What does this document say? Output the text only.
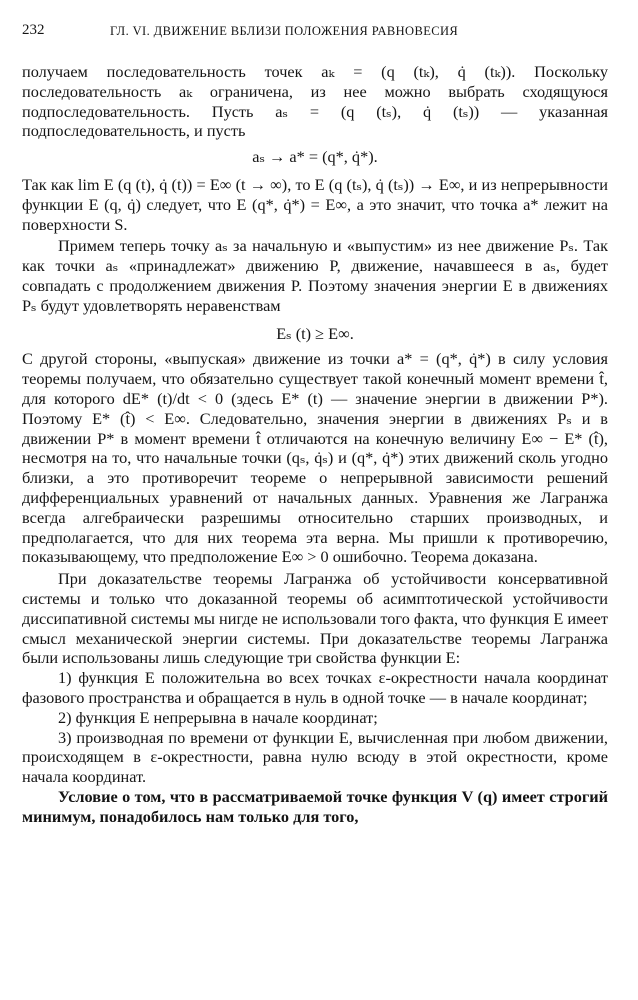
232	ГЛ. VI. ДВИЖЕНИЕ ВБЛИЗИ ПОЛОЖЕНИЯ РАВНОВЕСИЯ

получаем последовательность точек aₖ = (q (tₖ), q̇ (tₖ)). Поскольку последовательность aₖ ограничена, из нее можно выбрать сходящуюся подпоследовательность. Пусть aₛ = (q (tₛ), q̇ (tₛ)) — указанная подпоследовательность, и пусть

aₛ → a* = (q*, q̇*).

Так как lim E (q (t), q̇ (t)) = E∞ (t → ∞), то E (q (tₛ), q̇ (tₛ)) → E∞, и из непрерывности функции E (q, q̇) следует, что E (q*, q̇*) = E∞, а это значит, что точка a* лежит на поверхности S.

Примем теперь точку aₛ за начальную и «выпустим» из нее движение Pₛ. Так как точки aₛ «принадлежат» движению P, движение, начавшееся в aₛ, будет совпадать с продолжением движения P. Поэтому значения энергии E в движениях Pₛ будут удовлетворять неравенствам

Eₛ (t) ≥ E∞.

С другой стороны, «выпуская» движение из точки a* = (q*, q̇*) в силу условия теоремы получаем, что обязательно существует такой конечный момент времени t̂, для которого dE* (t)/dt < 0 (здесь E* (t) — значение энергии в движении P*). Поэтому E* (t̂) < E∞. Следовательно, значения энергии в движениях Pₛ и в движении P* в момент времени t̂ отличаются на конечную величину E∞ − E* (t̂), несмотря на то, что начальные точки (qₛ, q̇ₛ) и (q*, q̇*) этих движений сколь угодно близки, а это противоречит теореме о непрерывной зависимости решений дифференциальных уравнений от начальных данных. Уравнения же Лагранжа всегда алгебраически разрешимы относительно старших производных, и предполагается, что для них теорема эта верна. Мы пришли к противоречию, показывающему, что предположение E∞ > 0 ошибочно. Теорема доказана.

При доказательстве теоремы Лагранжа об устойчивости консервативной системы и только что доказанной теоремы об асимптотической устойчивости диссипативной системы мы нигде не использовали того факта, что функция E имеет смысл механической энергии системы. При доказательстве теоремы Лагранжа были использованы лишь следующие три свойства функции E:

1) функция E положительна во всех точках ε-окрестности начала координат фазового пространства и обращается в нуль в одной точке — в начале координат;

2) функция E непрерывна в начале координат;

3) производная по времени от функции E, вычисленная при любом движении, происходящем в ε-окрестности, равна нулю всюду в этой окрестности, кроме начала координат.

Условие о том, что в рассматриваемой точке функция V (q) имеет строгий минимум, понадобилось нам только для того,
